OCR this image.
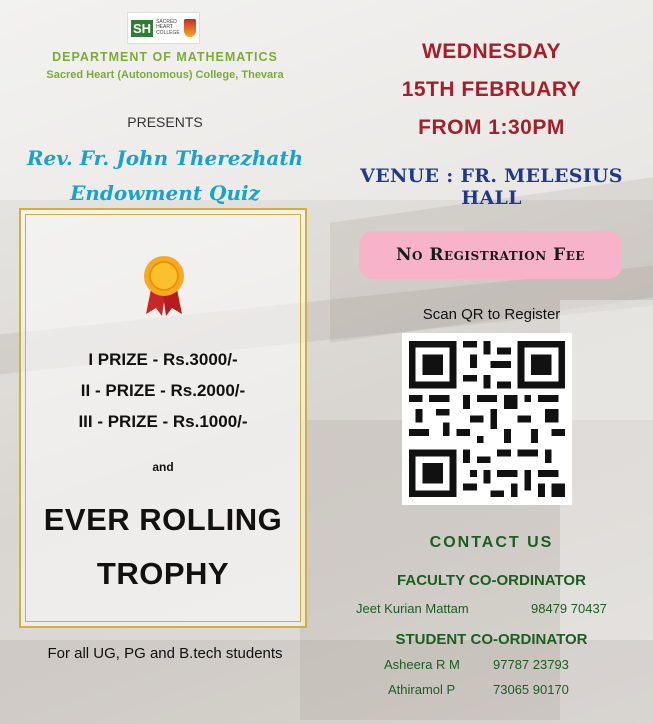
SH	SACRED HEART COLLEGE
DEPARTMENT OF MATHEMATICS
Sacred Heart (Autonomous) College, Thevara
PRESENTS
Rev. Fr. John Therezhath
Endowment Quiz
I PRIZE - Rs.3000/-
II - PRIZE - Rs.2000/-
III - PRIZE - Rs.1000/-
and
EVER ROLLING
TROPHY
For all UG, PG and B.tech students
WEDNESDAY
15TH FEBRUARY
FROM 1:30PM
VENUE : FR. MELESIUS HALL
No Registration Fee
Scan QR to Register
CONTACT US
FACULTY CO-ORDINATOR
Jeet Kurian Mattam	98479 70437
STUDENT CO-ORDINATOR
Asheera R M	97787 23793
Athiramol P	73065 90170
